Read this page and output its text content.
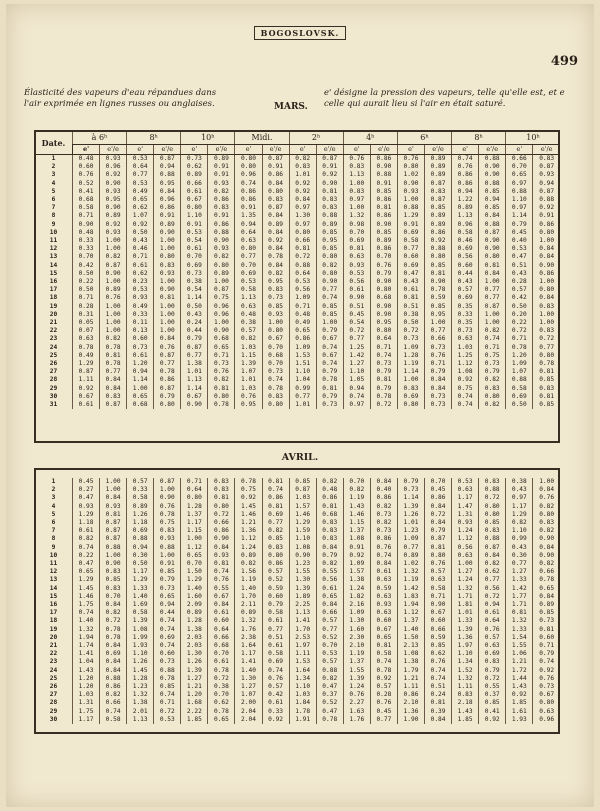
BOGOSLOVSK.
499
Élasticité des vapeurs d'eau répandues dans l'air exprimée en lignes russes ou anglaises.	MARS.
e' désigne la pression des vapeurs, telle qu'elle est, et e celle qui aurait lieu si l'air en était saturé.
Date.	à 6ʰ		8ʰ		10ʰ		Midi.		2ʰ		4ʰ		6ʰ		8ʰ		10ʰ	
	e'	e'/e	e'	e'/e	e'	e'/e	e'	e'/e	e'	e'/e	e'	e'/e	e'	e'/e	e'	e'/e	e'	e'/e
1	0.48	0.93	0.53	0.87	0.73	0.89	0.80	0.87	0.82	0.87	0.76	0.86	0.76	0.89	0.74	0.88	0.66	0.83
2	0.60	0.96	0.64	0.94	0.62	0.91	0.80	0.91	0.83	0.91	0.83	0.90	0.80	0.89	0.76	0.90	0.70	0.87
3	0.76	0.92	0.77	0.88	0.89	0.91	0.96	0.86	1.01	0.92	1.13	0.88	1.02	0.89	0.86	0.90	0.65	0.93
4	0.52	0.90	0.53	0.95	0.66	0.93	0.74	0.84	0.92	0.90	1.00	0.91	0.90	0.87	0.86	0.88	0.97	0.94
5	0.41	0.93	0.49	0.84	0.61	0.82	0.86	0.80	0.92	0.81	0.83	0.85	0.93	0.83	0.94	0.85	0.88	0.87
6	0.68	0.95	0.65	0.96	0.67	0.86	0.86	0.83	0.84	0.83	0.97	0.86	1.00	0.87	1.22	0.94	1.10	0.88
7	0.58	0.90	0.62	0.86	0.80	0.83	0.91	0.87	0.97	0.83	1.00	0.81	0.88	0.85	0.89	0.85	0.97	0.92
8	0.71	0.89	1.07	0.91	1.10	0.91	1.35	0.84	1.30	0.88	1.32	0.86	1.29	0.89	1.13	0.84	1.14	0.91
9	0.90	0.92	0.92	0.89	0.91	0.86	0.94	0.89	0.97	0.89	0.98	0.90	0.91	0.89	0.96	0.88	0.79	0.86
10	0.48	0.93	0.50	0.90	0.53	0.88	0.64	0.84	0.80	0.85	0.70	0.85	0.69	0.86	0.58	0.87	0.45	0.80
11	0.33	1.00	0.43	1.00	0.54	0.90	0.63	0.92	0.66	0.95	0.69	0.89	0.58	0.92	0.46	0.90	0.40	1.00
12	0.33	1.00	0.46	1.00	0.61	0.93	0.80	0.84	0.81	0.85	0.81	0.86	0.77	0.88	0.69	0.90	0.53	0.84
13	0.70	0.82	0.71	0.80	0.70	0.82	0.77	0.78	0.72	0.80	0.63	0.70	0.60	0.80	0.56	0.80	0.47	0.84
14	0.42	0.87	0.61	0.83	0.69	0.80	0.70	0.84	0.88	0.82	0.93	0.76	0.69	0.85	0.60	0.81	0.51	0.90
15	0.50	0.90	0.62	0.93	0.73	0.89	0.69	0.82	0.64	0.80	0.53	0.79	0.47	0.81	0.44	0.84	0.43	0.86
16	0.22	1.00	0.23	1.00	0.38	1.00	0.53	0.95	0.53	0.90	0.56	0.90	0.43	0.90	0.43	1.00	0.28	1.00
17	0.50	0.89	0.53	0.90	0.54	0.87	0.58	0.83	0.56	0.77	0.61	0.80	0.61	0.78	0.57	0.77	0.57	0.80
18	0.71	0.76	0.93	0.81	1.14	0.75	1.13	0.73	1.09	0.74	0.90	0.68	0.81	0.59	0.69	0.77	0.42	0.84
19	0.28	1.00	0.49	1.00	0.50	0.96	0.63	0.85	0.71	0.85	0.51	0.90	0.51	0.85	0.35	0.87	0.50	0.83
20	0.31	1.00	0.33	1.00	0.43	0.96	0.48	0.93	0.48	0.85	0.45	0.90	0.38	0.95	0.33	1.00	0.20	1.00
21	0.05	1.00	0.11	1.00	0.24	1.00	0.38	1.00	0.49	1.00	0.54	0.95	0.50	1.00	0.35	1.00	0.22	1.00
22	0.07	1.00	0.13	1.00	0.44	0.90	0.57	0.80	0.65	0.79	0.72	0.80	0.72	0.77	0.73	0.82	0.72	0.83
23	0.63	0.82	0.60	0.84	0.79	0.68	0.82	0.67	0.86	0.67	0.77	0.64	0.73	0.66	0.63	0.74	0.71	0.72
24	0.78	0.78	0.73	0.76	0.87	0.65	1.03	0.70	1.09	0.74	1.25	0.71	1.09	0.73	1.03	0.71	0.78	0.77
25	0.49	0.81	0.61	0.87	0.77	0.71	1.15	0.68	1.53	0.67	1.42	0.74	1.28	0.76	1.25	0.75	1.20	0.80
26	1.29	0.78	1.20	0.77	1.38	0.73	1.39	0.70	1.51	0.74	1.27	0.73	1.19	0.71	1.12	0.73	1.09	0.78
27	0.87	0.77	0.94	0.78	1.01	0.76	1.07	0.73	1.10	0.79	1.10	0.79	1.14	0.79	1.08	0.79	1.07	0.81
28	1.11	0.84	1.14	0.86	1.13	0.82	1.01	0.74	1.04	0.78	1.05	0.81	1.00	0.84	0.92	0.82	0.88	0.85
29	0.92	0.84	1.00	0.87	1.14	0.81	1.03	0.78	0.99	0.81	0.94	0.79	0.83	0.84	0.75	0.83	0.58	0.83
30	0.67	0.83	0.65	0.79	0.67	0.80	0.76	0.83	0.77	0.79	0.74	0.78	0.69	0.73	0.74	0.80	0.69	0.81
31	0.61	0.87	0.68	0.80	0.90	0.78	0.95	0.80	1.01	0.73	0.97	0.72	0.80	0.73	0.74	0.82	0.50	0.85
AVRIL.
1	0.45	1.00	0.57	0.87	0.71	0.83	0.78	0.81	0.85	0.82	0.70	0.84	0.79	0.70	0.53	0.83	0.38	1.00
2	0.27	1.00	0.33	1.00	0.64	0.83	0.75	0.74	0.87	0.48	0.82	0.40	0.73	0.45	0.63	0.88	0.43	0.84
3	0.47	0.84	0.58	0.90	0.80	0.81	0.92	0.86	1.03	0.86	1.19	0.86	1.14	0.86	1.17	0.72	0.97	0.76
4	0.93	0.93	0.89	0.76	1.28	0.80	1.45	0.81	1.57	0.81	1.43	0.82	1.39	0.84	1.47	0.80	1.17	0.82
5	1.29	0.81	1.26	0.78	1.37	0.72	1.46	0.69	1.46	0.68	1.46	0.73	1.26	0.72	1.31	0.80	1.29	0.80
6	1.18	0.87	1.18	0.75	1.17	0.66	1.21	0.77	1.29	0.83	1.15	0.82	1.01	0.84	0.93	0.85	0.82	0.83
7	0.61	0.87	0.69	0.83	1.15	0.86	1.36	0.82	1.59	0.83	1.37	0.73	1.23	0.79	1.24	0.83	1.10	0.82
8	0.82	0.87	0.88	0.93	1.00	0.90	1.12	0.85	1.10	0.83	1.08	0.86	1.09	0.87	1.12	0.88	0.99	0.90
9	0.74	0.88	0.94	0.88	1.12	0.84	1.24	0.83	1.08	0.84	0.91	0.76	0.77	0.81	0.56	0.87	0.43	0.84
10	0.22	1.00	0.30	1.00	0.65	0.93	0.89	0.80	0.90	0.79	0.92	0.74	0.89	0.80	0.63	0.84	0.30	0.90
11	0.47	0.90	0.50	0.91	0.70	0.81	0.82	0.86	1.23	0.82	1.09	0.84	1.02	0.76	1.00	0.82	0.77	0.82
12	0.65	0.83	1.17	0.85	1.50	0.74	1.56	0.57	1.55	0.55	1.57	0.61	1.32	0.57	1.27	0.62	1.27	0.66
13	1.29	0.85	1.29	0.79	1.29	0.76	1.19	0.52	1.30	0.56	1.38	0.63	1.19	0.63	1.24	0.77	1.33	0.78
14	1.45	0.83	1.33	0.73	1.40	0.55	1.40	0.59	1.39	0.61	1.24	0.59	1.42	0.58	1.32	0.56	1.42	0.65
15	1.46	0.70	1.40	0.65	1.60	0.67	1.70	0.60	1.89	0.65	1.82	0.63	1.83	0.71	1.71	0.72	1.77	0.84
16	1.75	0.84	1.69	0.94	2.09	0.84	2.11	0.79	2.25	0.84	2.16	0.93	1.94	0.90	1.81	0.94	1.71	0.89
17	0.74	0.82	0.58	0.44	0.89	0.61	0.89	0.58	1.13	0.66	1.09	0.63	1.12	0.67	1.01	0.61	0.81	0.85
18	1.40	0.72	1.39	0.74	1.28	0.60	1.32	0.61	1.41	0.57	1.30	0.60	1.37	0.60	1.33	0.64	1.32	0.73
19	1.32	0.78	1.08	0.74	1.38	0.64	1.76	0.77	1.70	0.77	1.60	0.67	1.40	0.66	1.39	0.76	1.33	0.81
20	1.94	0.78	1.99	0.69	2.03	0.66	2.38	0.51	2.53	0.52	2.30	0.65	1.50	0.59	1.36	0.57	1.54	0.60
21	1.74	0.84	1.93	0.74	2.03	0.68	1.64	0.61	1.97	0.70	2.10	0.81	2.13	0.85	1.97	0.63	1.55	0.71
22	1.41	0.69	1.10	0.60	1.30	0.70	1.17	0.58	1.11	0.53	1.19	0.58	1.08	0.62	1.10	0.69	1.06	0.79
23	1.04	0.84	1.26	0.73	1.26	0.61	1.41	0.69	1.53	0.57	1.37	0.74	1.38	0.76	1.34	0.83	1.21	0.74
24	1.43	0.84	1.45	0.88	1.39	0.78	1.40	0.74	1.64	0.88	1.55	0.78	1.79	0.74	1.52	0.79	1.72	0.92
25	1.20	0.88	1.28	0.78	1.27	0.72	1.30	0.76	1.34	0.82	1.39	0.92	1.21	0.74	1.32	0.72	1.44	0.76
26	1.20	0.86	1.23	0.85	1.21	0.38	1.27	0.57	1.10	0.47	1.24	0.57	1.11	0.51	1.11	0.55	1.43	0.73
27	1.03	0.82	1.32	0.74	1.20	0.70	1.07	0.42	1.03	0.37	0.76	0.28	0.86	0.24	0.83	0.37	0.92	0.67
28	1.31	0.66	1.38	0.71	1.68	0.62	2.00	0.61	1.84	0.52	2.27	0.76	2.10	0.81	2.18	0.85	1.85	0.80
29	1.75	0.74	2.01	0.72	2.22	0.78	2.04	0.33	1.78	0.47	1.63	0.45	1.36	0.39	1.43	0.41	1.61	0.63
30	1.17	0.58	1.13	0.53	1.85	0.65	2.04	0.92	1.91	0.78	1.76	0.77	1.90	0.84	1.85	0.92	1.93	0.96
